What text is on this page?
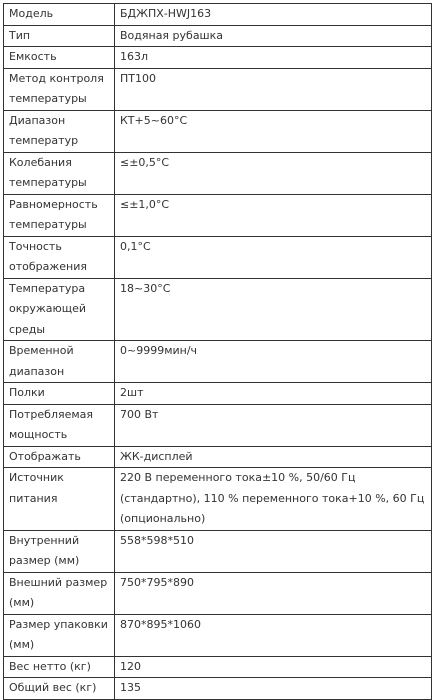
Модель	БДЖПХ-HWJ163
Тип	Водяная рубашка
Емкость	163л
Метод контроля температуры	ПТ100
Диапазон температур	КТ+5~60°C
Колебания температуры	≤±0,5°C
Равномерность температуры	≤±1,0°C
Точность отображения	0,1°C
Температура окружающей среды	18~30°C
Временной диапазон	0~9999мин/ч
Полки	2шт
Потребляемая мощность	700 Вт
Отображать	ЖК-дисплей
Источник питания	220 В переменного тока±10 %, 50/60 Гц (стандартно), 110 % переменного тока+10 %, 60 Гц (опционально)
Внутренний размер (мм)	558*598*510
Внешний размер (мм)	750*795*890
Размер упаковки (мм)	870*895*1060
Вес нетто (кг)	120
Общий вес (кг)	135
